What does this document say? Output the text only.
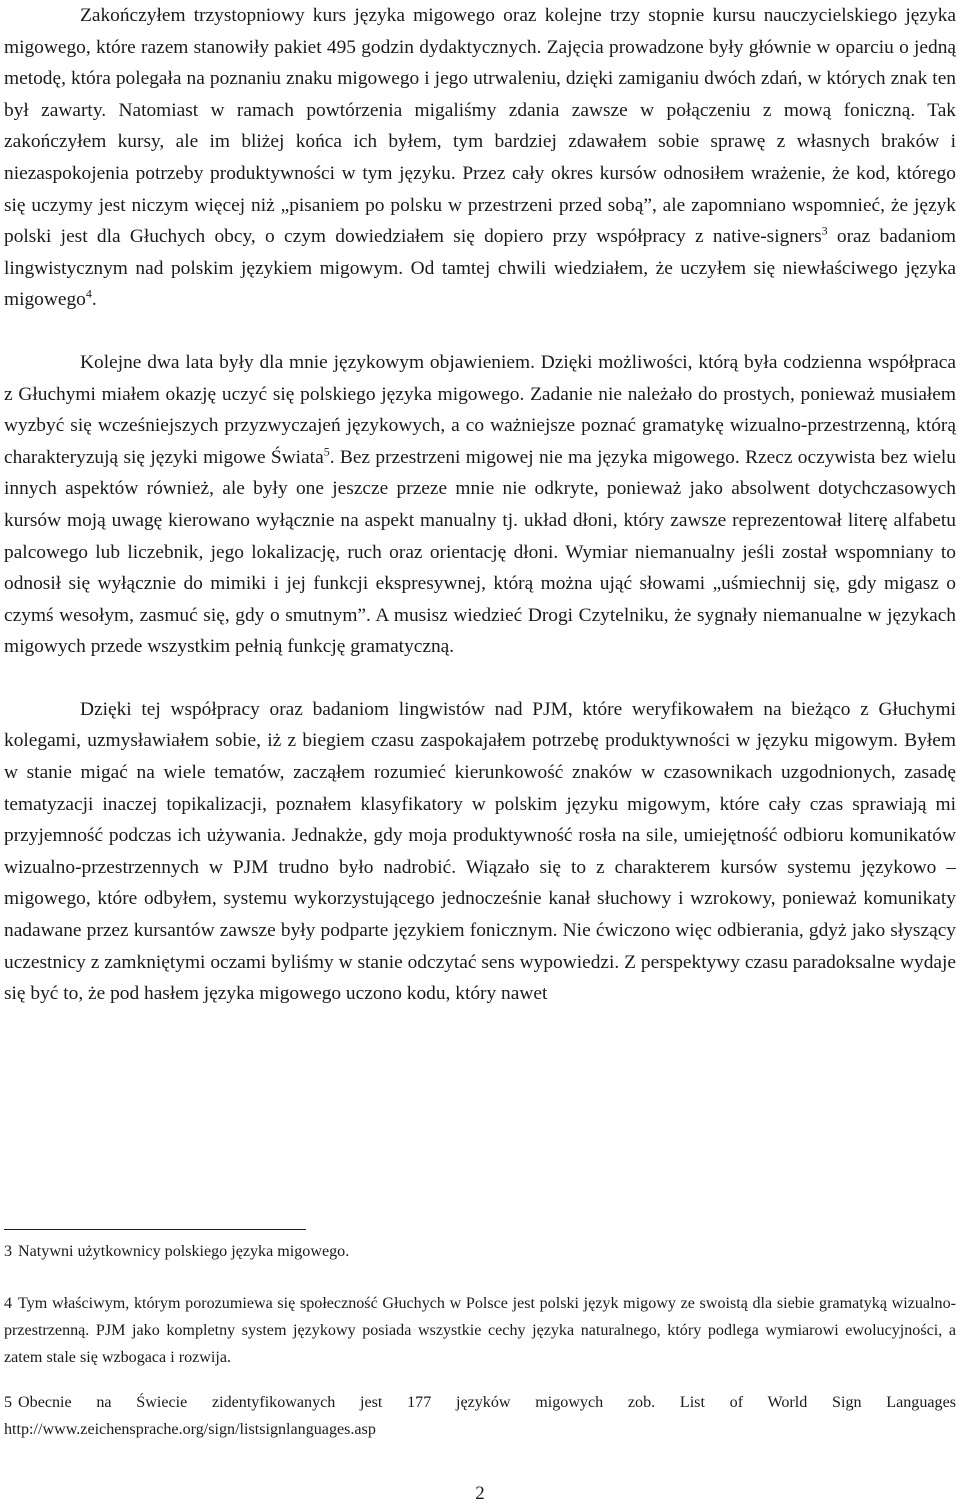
Zakończyłem trzystopniowy kurs języka migowego oraz kolejne trzy stopnie kursu nauczycielskiego języka migowego, które razem stanowiły pakiet 495 godzin dydaktycznych. Zajęcia prowadzone były głównie w oparciu o jedną metodę, która polegała na poznaniu znaku migowego i jego utrwaleniu, dzięki zamiganiu dwóch zdań, w których znak ten był zawarty. Natomiast w ramach powtórzenia migaliśmy zdania zawsze w połączeniu z mową foniczną. Tak zakończyłem kursy, ale im bliżej końca ich byłem, tym bardziej zdawałem sobie sprawę z własnych braków i niezaspokojenia potrzeby produktywności w tym języku. Przez cały okres kursów odnosiłem wrażenie, że kod, którego się uczymy jest niczym więcej niż „pisaniem po polsku w przestrzeni przed sobą”, ale zapomniano wspomnieć, że język polski jest dla Głuchych obcy, o czym dowiedziałem się dopiero przy współpracy z native-signers$^3$ oraz badaniom lingwistycznym nad polskim językiem migowym. Od tamtej chwili wiedziałem, że uczyłem się niewłaściwego języka migowego$^4$.

Kolejne dwa lata były dla mnie językowym objawieniem. Dzięki możliwości, którą była codzienna współpraca z Głuchymi miałem okazję uczyć się polskiego języka migowego. Zadanie nie należało do prostych, ponieważ musiałem wyzbyć się wcześniejszych przyzwyczajeń językowych, a co ważniejsze poznać gramatykę wizualno-przestrzenną, którą charakteryzują się języki migowe Świata$^5$. Bez przestrzeni migowej nie ma języka migowego. Rzecz oczywista bez wielu innych aspektów również, ale były one jeszcze przeze mnie nie odkryte, ponieważ jako absolwent dotychczasowych kursów moją uwagę kierowano wyłącznie na aspekt manualny tj. układ dłoni, który zawsze reprezentował literę alfabetu palcowego lub liczebnik, jego lokalizację, ruch oraz orientację dłoni. Wymiar niemanualny jeśli został wspomniany to odnosił się wyłącznie do mimiki i jej funkcji ekspresywnej, którą można ująć słowami „uśmiechnij się, gdy migasz o czymś wesołym, zasmuć się, gdy o smutnym”. A musisz wiedzieć Drogi Czytelniku, że sygnały niemanualne w językach migowych przede wszystkim pełnią funkcję gramatyczną.

Dzięki tej współpracy oraz badaniom lingwistów nad PJM, które weryfikowałem na bieżąco z Głuchymi kolegami, uzmysławiałem sobie, iż z biegiem czasu zaspokajałem potrzebę produktywności w języku migowym. Byłem w stanie migać na wiele tematów, zacząłem rozumieć kierunkowość znaków w czasownikach uzgodnionych, zasadę tematyzacji inaczej topikalizacji, poznałem klasyfikatory w polskim języku migowym, które cały czas sprawiają mi przyjemność podczas ich używania. Jednakże, gdy moja produktywność rosła na sile, umiejętność odbioru komunikatów wizualno-przestrzennych w PJM trudno było nadrobić. Wiązało się to z charakterem kursów systemu językowo – migowego, które odbyłem, systemu wykorzystującego jednocześnie kanał słuchowy i wzrokowy, ponieważ komunikaty nadawane przez kursantów zawsze były podparte językiem fonicznym. Nie ćwiczono więc odbierania, gdyż jako słyszący uczestnicy z zamkniętymi oczami byliśmy w stanie odczytać sens wypowiedzi. Z perspektywy czasu paradoksalne wydaje się być to, że pod hasłem języka migowego uczono kodu, który nawet

3 Natywni użytkownicy polskiego języka migowego.

4 Tym właściwym, którym porozumiewa się społeczność Głuchych w Polsce jest polski język migowy ze swoistą dla siebie gramatyką wizualno-przestrzenną. PJM jako kompletny system językowy posiada wszystkie cechy języka naturalnego, który podlega wymiarowi ewolucyjności, a zatem stale się wzbogaca i rozwija.

5 Obecnie na Świecie zidentyfikowanych jest 177 języków migowych zob. List of World Sign Languages http://www.zeichensprache.org/sign/listsignlanguages.asp

2
